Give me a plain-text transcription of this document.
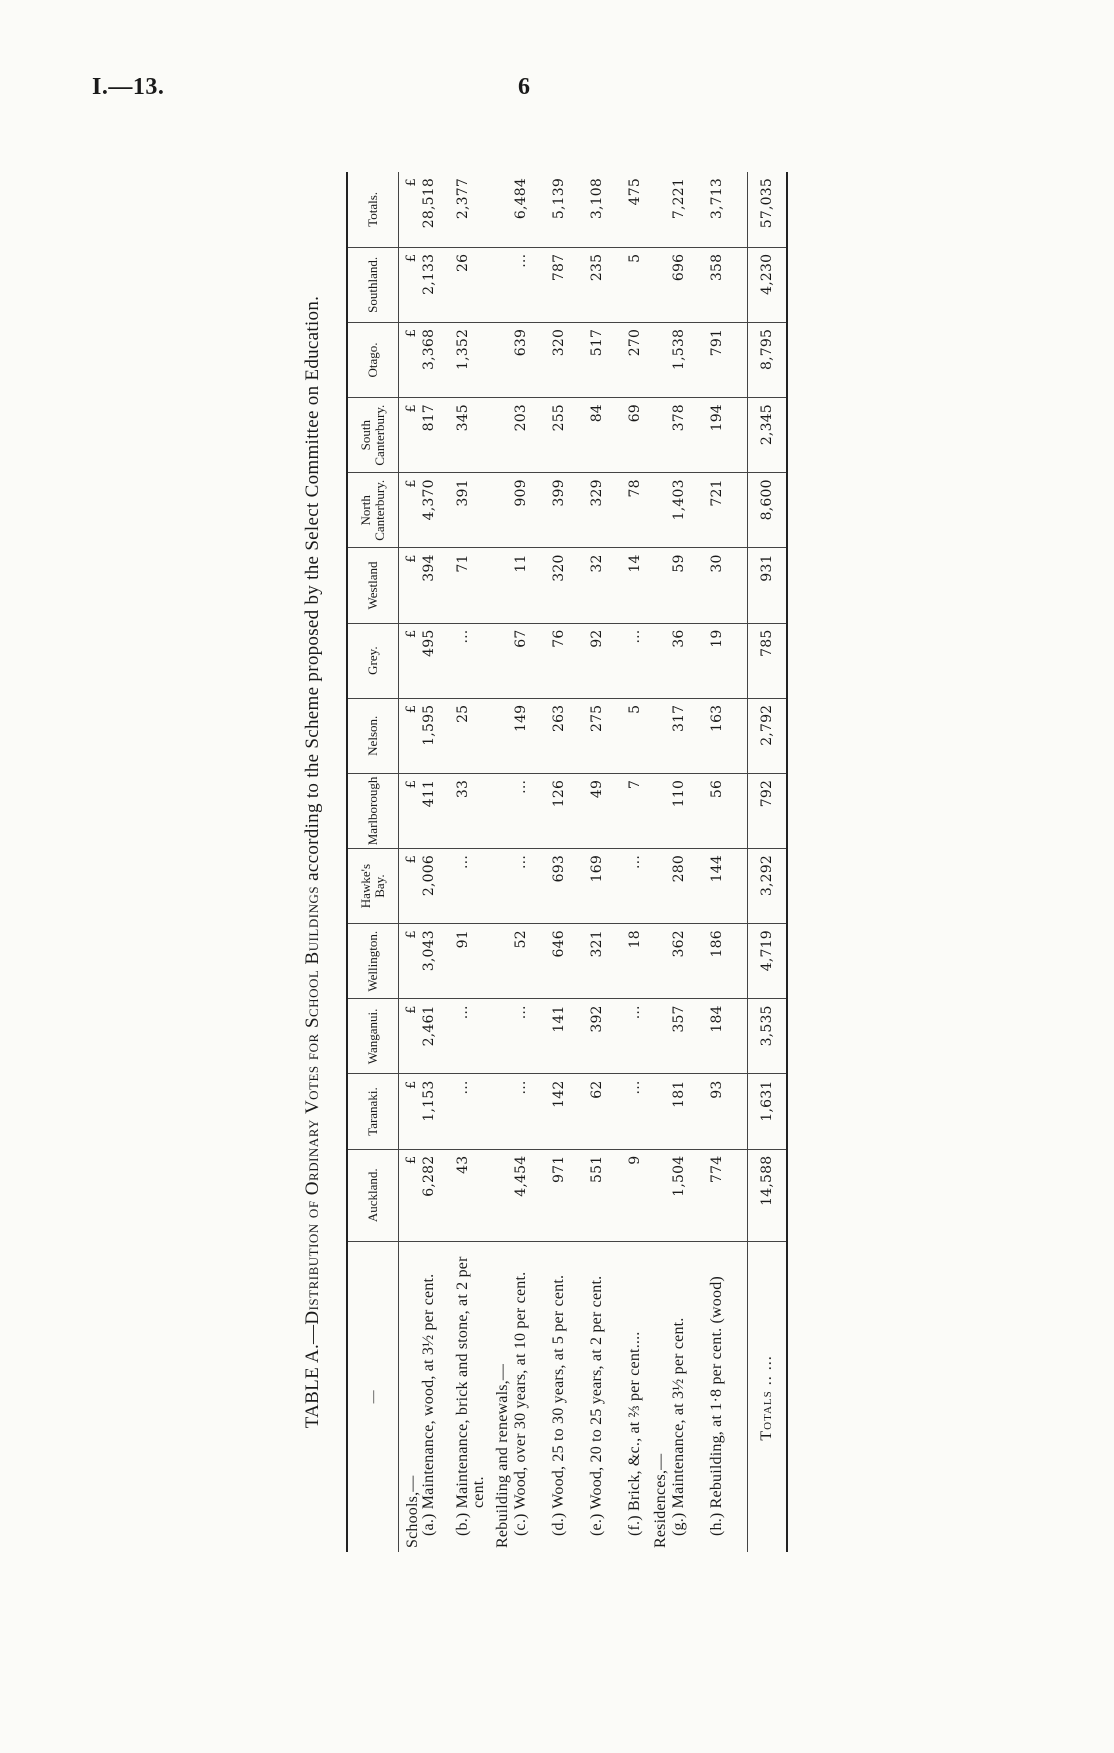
I.—13.	6
TABLE A.—Distribution of Ordinary Votes for School Buildings according to the Scheme proposed by the Select Committee on Education.
—	Auckland.	Taranaki.	Wanganui.	Wellington.	Hawke's Bay.	Marlborough	Nelson.	Grey.	Westland	North Canterbury.	South Canterbury.	Otago.	Southland.	Totals.
Schools,—	£	£	£	£	£	£	£	£	£	£	£	£	£	£

(a.) Maintenance, wood, at 3½ per cent.	6,282	1,153	2,461	3,043	2,006	411	1,595	495	394	4,370	817	3,368	2,133	28,518

(b.) Maintenance, brick and stone, at 2 per cent.	43	...	...	91	...	33	25	...	71	391	345	1,352	26	2,377
Rebuilding and renewals,—														

(c.) Wood, over 30 years, at 10 per cent.	4,454	...	...	52	...	...	149	67	11	909	203	639	...	6,484

(d.) Wood, 25 to 30 years, at 5 per cent.	971	142	141	646	693	126	263	76	320	399	255	320	787	5,139

(e.) Wood, 20 to 25 years, at 2 per cent.	551	62	392	321	169	49	275	92	32	329	84	517	235	3,108

(f.) Brick, &c., at ⅔ per cent....	9	...	...	18	...	7	5	...	14	78	69	270	5	475
Residences,—														

(g.) Maintenance, at 3½ per cent.	1,504	181	357	362	280	110	317	36	59	1,403	378	1,538	696	7,221

(h.) Rebuilding, at 1·8 per cent. (wood)	774	93	184	186	144	56	163	19	30	721	194	791	358	3,713
Totals .. ...	14,588	1,631	3,535	4,719	3,292	792	2,792	785	931	8,600	2,345	8,795	4,230	57,035
